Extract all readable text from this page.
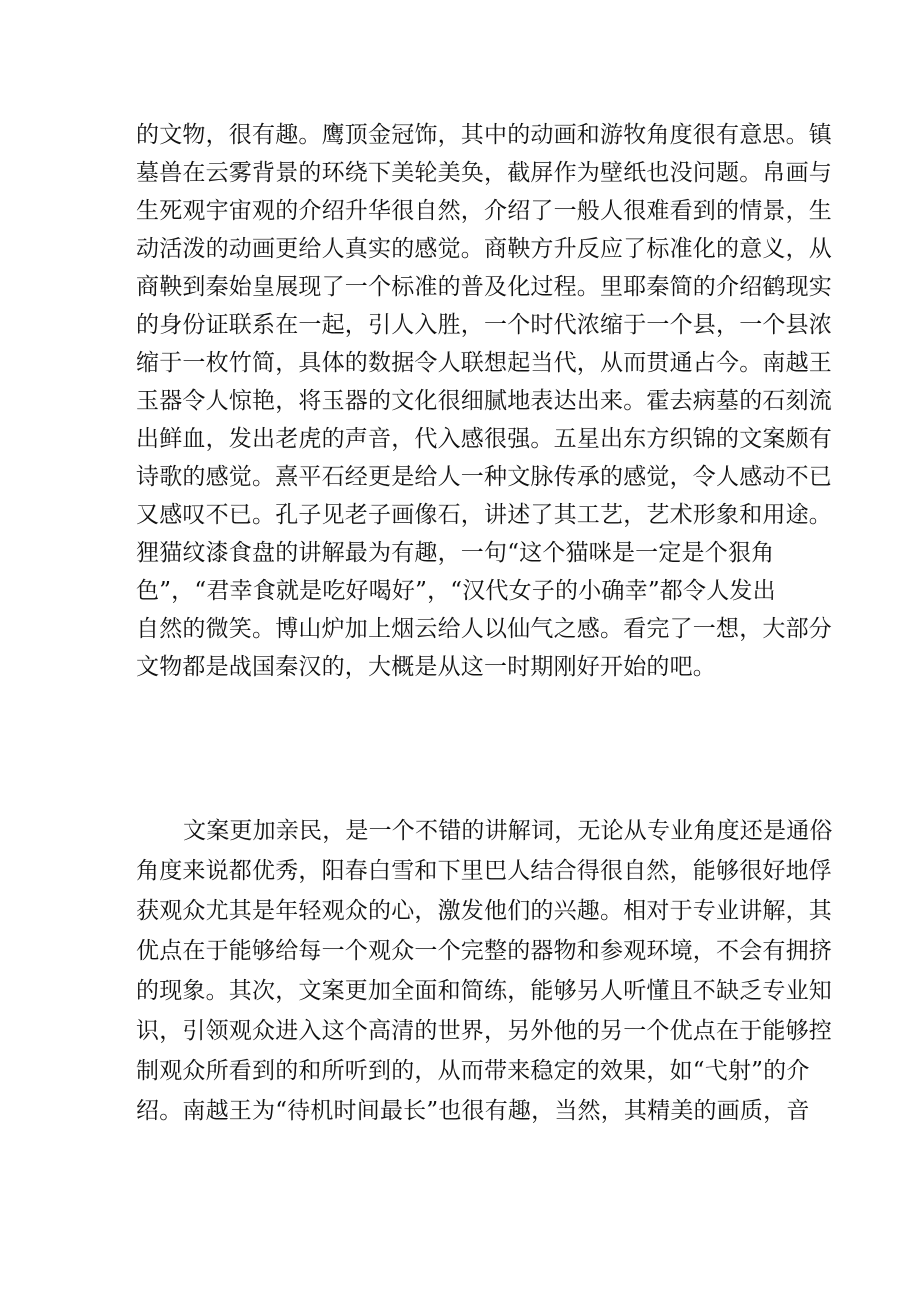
的文物，很有趣。鹰顶金冠饰，其中的动画和游牧角度很有意思。镇
墓兽在云雾背景的环绕下美轮美奂，截屏作为壁纸也没问题。帛画与
生死观宇宙观的介绍升华很自然，介绍了一般人很难看到的情景，生
动活泼的动画更给人真实的感觉。商鞅方升反应了标准化的意义，从
商鞅到秦始皇展现了一个标准的普及化过程。里耶秦简的介绍鹤现实
的身份证联系在一起，引人入胜，一个时代浓缩于一个县，一个县浓
缩于一枚竹简，具体的数据令人联想起当代，从而贯通占今。南越王
玉器令人惊艳，将玉器的文化很细腻地表达出来。霍去病墓的石刻流
出鲜血，发出老虎的声音，代入感很强。五星出东方织锦的文案颇有
诗歌的感觉。熹平石经更是给人一种文脉传承的感觉，令人感动不已
又感叹不已。孔子见老子画像石，讲述了其工艺，艺术形象和用途。
狸猫纹漆食盘的讲解最为有趣，一句“这个猫咪是一定是个狠角
色”，“君幸食就是吃好喝好”，“汉代女子的小确幸”都令人发出
自然的微笑。博山炉加上烟云给人以仙气之感。看完了一想，大部分
文物都是战国秦汉的，大概是从这一时期刚好开始的吧。
文案更加亲民，是一个不错的讲解词，无论从专业角度还是通俗
角度来说都优秀，阳春白雪和下里巴人结合得很自然，能够很好地俘
获观众尤其是年轻观众的心，激发他们的兴趣。相对于专业讲解，其
优点在于能够给每一个观众一个完整的器物和参观环境，不会有拥挤
的现象。其次，文案更加全面和简练，能够另人听懂且不缺乏专业知
识，引领观众进入这个高清的世界，另外他的另一个优点在于能够控
制观众所看到的和所听到的，从而带来稳定的效果，如“弋射”的介
绍。南越王为“待机时间最长”也很有趣，当然，其精美的画质，音
